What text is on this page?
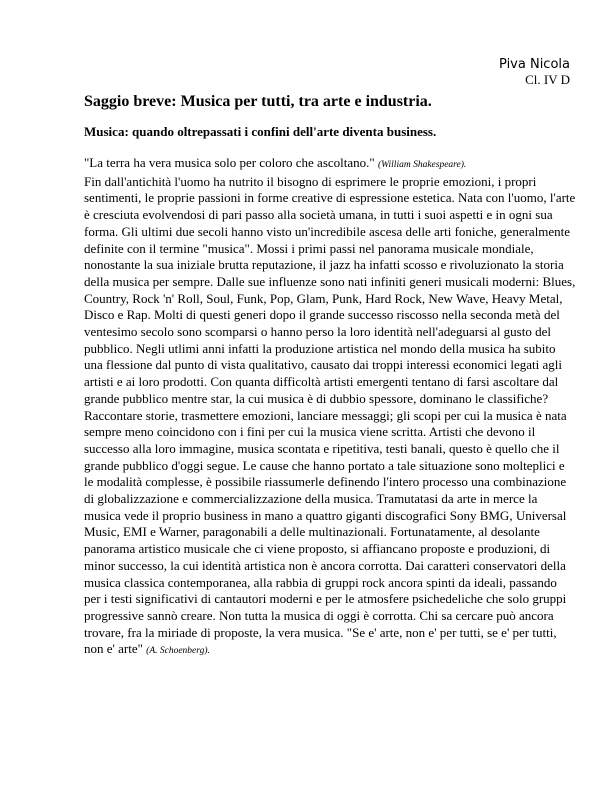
Piva Nicola
Cl. IV D
Saggio breve: Musica per tutti, tra arte e industria.
Musica: quando oltrepassati i confini dell'arte diventa business.

"La terra ha vera musica solo per coloro che ascoltano." (William Shakespeare).
Fin dall'antichità l'uomo ha nutrito il bisogno di esprimere le proprie emozioni, i propri sentimenti, le proprie passioni in forme creative di espressione estetica. Nata con l'uomo, l'arte è cresciuta evolvendosi di pari passo alla società umana, in tutti i suoi aspetti e in ogni sua forma. Gli ultimi due secoli hanno visto un'incredibile ascesa delle arti foniche, generalmente definite con il termine "musica". Mossi i primi passi nel panorama musicale mondiale, nonostante la sua iniziale brutta reputazione, il jazz ha infatti scosso e rivoluzionato la storia della musica per sempre. Dalle sue influenze sono nati infiniti generi musicali moderni: Blues, Country, Rock 'n' Roll, Soul, Funk, Pop, Glam, Punk, Hard Rock, New Wave, Heavy Metal, Disco e Rap. Molti di questi generi dopo il grande successo riscosso nella seconda metà del ventesimo secolo sono scomparsi o hanno perso la loro identità nell'adeguarsi al gusto del pubblico. Negli utlimi anni infatti la produzione artistica nel mondo della musica ha subito una flessione dal punto di vista qualitativo, causato dai troppi interessi economici legati agli artisti e ai loro prodotti. Con quanta difficoltà artisti emergenti tentano di farsi ascoltare dal grande pubblico mentre star, la cui musica è di dubbio spessore, dominano le classifiche? Raccontare storie, trasmettere emozioni, lanciare messaggi; gli scopi per cui la musica è nata sempre meno coincidono con i fini per cui la musica viene scritta. Artisti che devono il successo alla loro immagine, musica scontata e ripetitiva, testi banali, questo è quello che il grande pubblico d'oggi segue. Le cause che hanno portato a tale situazione sono molteplici e le modalità complesse, è possibile riassumerle definendo l'intero processo una combinazione di globalizzazione e commercializzazione della musica. Tramutatasi da arte in merce la musica vede il proprio business in mano a quattro giganti discografici Sony BMG, Universal Music, EMI e Warner, paragonabili a delle multinazionali. Fortunatamente, al desolante panorama artistico musicale che ci viene proposto, si affiancano proposte e produzioni, di minor successo, la cui identità artistica non è ancora corrotta. Dai caratteri conservatori della musica classica contemporanea, alla rabbia di gruppi rock ancora spinti da ideali, passando per i testi significativi di cantautori moderni e per le atmosfere psichedeliche che solo gruppi progressive sannò creare. Non tutta la musica di oggi è corrotta. Chi sa cercare può ancora trovare, fra la miriade di proposte, la vera musica. "Se e' arte, non e' per tutti, se e' per tutti, non e' arte" (A. Schoenberg).
